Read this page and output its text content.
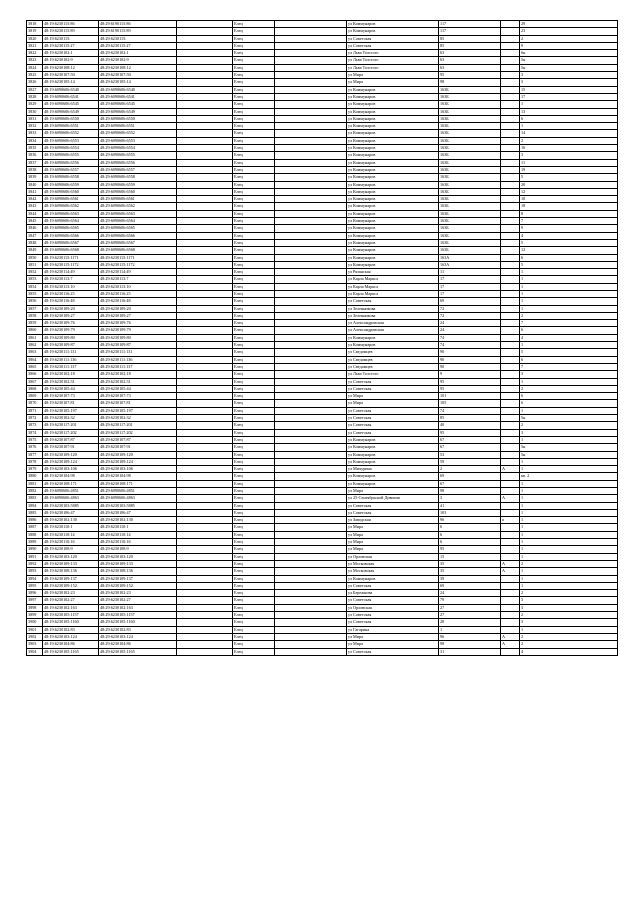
3818	48:19:6230115:86	48:29:6190115:86		Елец		ул Коммунаров	117		29
3819	48:19:6230115:89	48:29:6190115:89		Елец		ул Коммунаров	117		23
3820	48:19:6230115:	48:29:6230115:		Елец		ул Советская	85		2
3821	48:19:6230115:27	48:29:6230115:27		Елец		ул Советская	85		9
3822	48:19:6230102:1	48:29:6230102:1		Елец		ул Льва Толстого	63		6н
3823	48:19:6230102:9	48:29:6230102:9		Елец		ул Льва Толстого	63		5н
3824	48:19:6230108:12	48:29:6230108:12		Елец		ул Льва Толстого	63		5н
3825	48:19:6230107:50	48:29:6230107:50		Елец		ул Мира	95		3
3826	48:19:6230105:14	48:29:6230105:14		Елец		ул Мира	98		3
3827	48:19:6090606:6540	48:29:6090606:6540		Елец		ул Коммунаров	163Б		15
3828	48:19:6090606:6541	48:29:6090606:6541		Елец		ул Коммунаров	163Б		17
3829	48:19:6090606:6545	48:29:6090606:6545		Елец		ул Коммунаров	163Б		1
3830	48:19:6090606:6549	48:29:6090606:6549		Елец		ул Коммунаров	163Б		13
3831	48:19:6090606:6550	48:29:6090606:6550		Елец		ул Коммунаров	163Б		6
3832	48:19:6090606:6551	48:29:6090606:6551		Елец		ул Коммунаров	163Б		1
3833	48:19:6090606:6552	48:29:6090606:6552		Елец		ул Коммунаров	163Б		14
3834	48:19:6090606:6553	48:29:6090606:6553		Елец		ул Коммунаров	163Б		2
3835	48:19:6090606:6554	48:29:6090606:6554		Елец		ул Коммунаров	163Б		16
3836	48:19:6090606:6555	48:29:6090606:6555		Елец		ул Коммунаров	163Б		3
3837	48:19:6090606:6556	48:29:6090606:6556		Елец		ул Коммунаров	163Б		11
3838	48:19:6090606:6557	48:29:6090606:6557		Елец		ул Коммунаров	163Б		19
3839	48:19:6090606:6558	48:29:6090606:6558		Елец		ул Коммунаров	163Б		5
3840	48:19:6090606:6559	48:29:6090606:6559		Елец		ул Коммунаров	163Б		20
3841	48:19:6090606:6560	48:29:6090606:6560		Елец		ул Коммунаров	163Б		12
3842	48:19:6090606:6561	48:29:6090606:6561		Елец		ул Коммунаров	163Б		10
3843	48:19:6090606:6562	48:29:6090606:6562		Елец		ул Коммунаров	163Б		18
3844	48:19:6090606:6563	48:29:6090606:6563		Елец		ул Коммунаров	163Б		8
3845	48:19:6090606:6564	48:29:6090606:6564		Елец		ул Коммунаров	163Б		7
3846	48:19:6090606:6565	48:29:6090606:6565		Елец		ул Коммунаров	163Б		9
3847	48:19:6090606:6566	48:29:6090606:6566		Елец		ул Коммунаров	163Б		4
3848	48:19:6090606:6567	48:29:6090606:6567		Елец		ул Коммунаров	163Б		5
3849	48:19:6090606:6568	48:29:6090606:6568		Елец		ул Коммунаров	163Б		12
3850	48:19:6230115:1171	48:29:6230115:1171		Елец		ул Коммунаров	163А		6
3851	48:19:6230115:1172	48:29:6230115:1172		Елец		ул Коммунаров	163А		5
3852	48:19:6230114:49	48:29:6230114:49		Елец		ул Рязанская	11		1
3853	48:19:6230113:7	48:29:6230113:7		Елец		ул Карла Маркса	17		1
3854	48:19:6230113:10	48:29:6230113:10		Елец		ул Карла Маркса	17		1
3855	48:19:6230116:25	48:29:6230116:25		Елец		ул Карла Маркса	17		1
3856	48:19:6230116:48	48:29:6230116:48		Елец		ул Советская	69		1
3857	48:19:6230109:20	48:29:6230109:20		Елец		ул Зеленникова	72		1
3858	48:19:6230109:27	48:29:6230109:27		Елец		ул Зеленникова	72		2
3859	48:19:6230109:76	48:29:6230109:76		Елец		ул Александровская	24		7
3860	48:19:6230109:79	48:29:6230109:79		Елец		ул Александровская	24		6
3861	48:19:6230109:80	48:29:6230109:80		Елец		ул Коммунаров	74		4
3862	48:19:6230109:87	48:29:6230109:87		Елец		ул Коммунаров	74		1
3863	48:19:6230111:131	48:29:6230111:131		Елец		ул Сведомцев	90		5
3864	48:19:6230111:136	48:29:6230111:136		Елец		ул Сведомцев	90		6
3865	48:19:6230111:137	48:29:6230111:137		Елец		ул Сведомцев	90		7
3866	48:19:6230102:18	48:29:6230102:18		Елец		ул Льва Толстого	9		3
3867	48:19:6230102:31	48:29:6230102:31		Елец		ул Советская	95		1
3868	48:19:6230105:44	48:29:6230105:44		Елец		ул Советская	95		2
3869	48:19:6230107:73	48:29:6230107:73		Елец		ул Мира	101		6
3870	48:19:6230107:81	48:29:6230107:81		Елец		ул Мира	105		6
3871	48:19:6230105:197	48:29:6230105:197		Елец		ул Советская	74		1
3872	48:19:6230102:32	48:29:6230102:32		Елец		ул Советская	85		5н
3873	48:19:6230117:201	48:29:6230117:201		Елец		ул Советская	40		2
3874	48:19:6230117:202	48:29:6230117:202		Елец		ул Советская	95		3
3875	48:19:6230107:87	48:29:6230107:87		Елец		ул Коммунаров	67		1
3876	48:19:6230107:91	48:29:6230107:91		Елец		ул Коммунаров	67		5н
3877	48:19:6230109:120	48:29:6230109:120		Елец		ул Коммунаров	53		5н
3878	48:19:6230109:124	48:29:6230109:124		Елец		ул Коммунаров	59		1
3879	48:19:6230103:106	48:29:6230103:106		Елец		ул Мичурина	2	А	1
3880	48:19:6230104:98	48:29:6230104:98		Елец		ул Коммунаров	69		кв. 2
3881	48:19:6230108:171	48:29:6230108:171		Елец		ул Коммунаров	67		1
3882	48:19:6090606:4851	48:29:6090606:4851		Елец		ул Мира	98		1
3883	48:19:6090606:4863	48:29:6090606:4863		Елец		ул 25-Сентябрьской Дивизии	3	А	1
3884	48:19:6230103:5885	48:29:6230103:5885		Елец		ул Советская	41		1
3885	48:19:6230106:47	48:29:6230106:47		Елец		ул Советская	103		1
3886	48:19:6230102:130	48:29:6230102:130		Елец		ул Заводская	96	а	1
3887	48:19:6230110:1	48:29:6230110:1		Елец		ул Мира	6		1
3888	48:19:6230110:14	48:29:6230110:14		Елец		ул Мира	6		1
3889	48:19:6230110:16	48:29:6230110:16		Елец		ул Мира	6		1
3890	48:19:6230108:9	48:29:6230108:9		Елец		ул Мира	95		1
3891	48:19:6230103:120	48:29:6230103:120		Елец		ул Орловская	15		1
3892	48:19:6230109:133	48:29:6230109:133		Елец		ул Московская	35	А	2
3893	48:19:6230108:136	48:29:6230108:136		Елец		ул Московская	35	А	1
3894	48:19:6230109:137	48:29:6230109:137		Елец		ул Коммунаров	39		1
3895	48:19:6230109:152	48:29:6230109:152		Елец		ул Советская	69		1
3896	48:19:6230102:23	48:29:6230102:23		Елец		ул Бережнова	24		2
3897	48:19:6230102:27	48:29:6230102:27		Елец		ул Советская	79		3
3898	48:19:6230102:163	48:29:6230102:163		Елец		ул Орловская	27		3
3899	48:19:6230105:1157	48:29:6230105:1157		Елец		ул Советская	27		2
3900	48:19:6230105:1160	48:29:6230105:1160		Елец		ул Советская	28		3
3901	48:19:6230102:83	48:29:6230102:83		Елец		ул Гагарина	1		1
3902	48:19:6230103:124	48:29:6230103:124		Елец		ул Мира	96	А	2
3903	48:19:6230104:86	48:29:6230104:86		Елец		ул Мира	98	А	2
3904	48:19:6230105:1165	48:29:6230105:1165		Елец		ул Советская	31		4
